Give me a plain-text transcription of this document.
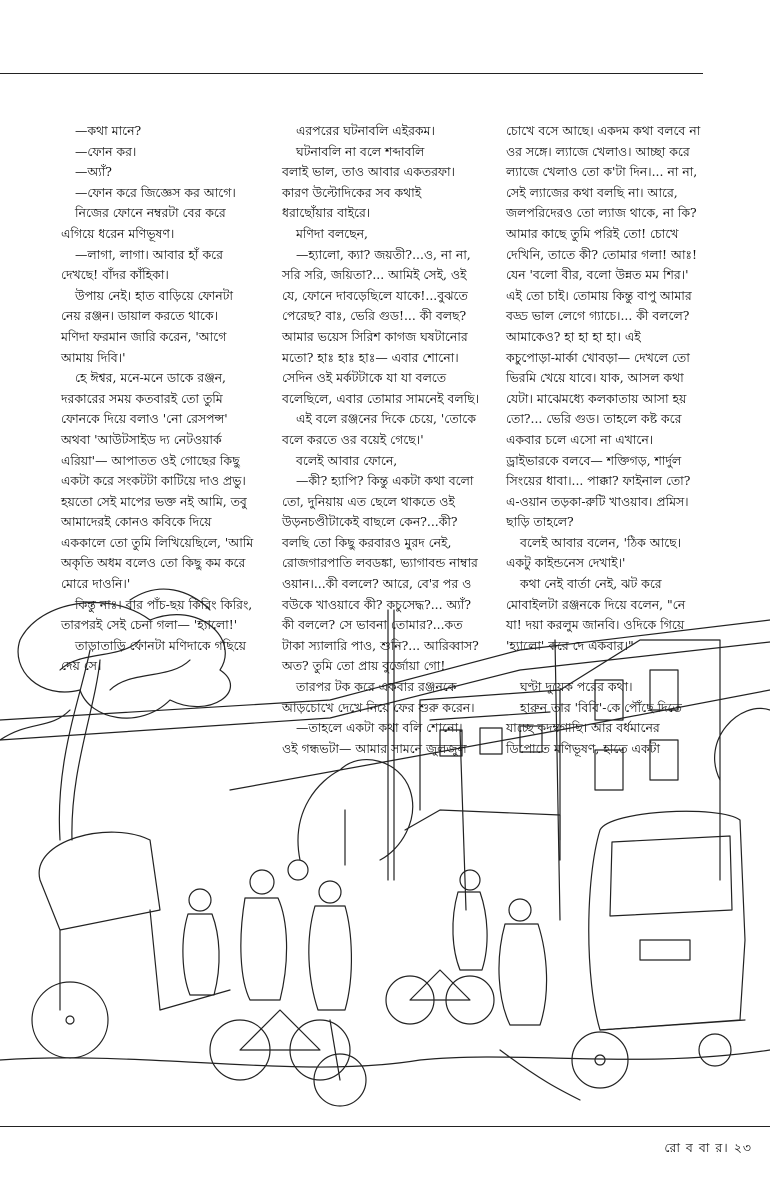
—কথা মানে?

—ফোন কর।

—অ্যাঁ?

—ফোন করে জিজ্ঞেস কর আগে।

নিজের ফোনে নম্বরটা বের করে

এগিয়ে ধরেন মণিভূষণ।

—লাগা, লাগা। আবার হাঁ করে

দেখছে! বাঁদর কাঁহিকা।

উপায় নেই। হাত বাড়িয়ে ফোনটা

নেয় রঞ্জন। ডায়াল করতে থাকে।

মণিদা ফরমান জারি করেন, 'আগে

আমায় দিবি।'

হে ঈশ্বর, মনে-মনে ডাকে রঞ্জন,

দরকারের সময় কতবারই তো তুমি

ফোনকে দিয়ে বলাও 'নো রেসপন্স'

অথবা 'আউটসাইড দ্য নেটওয়ার্ক

এরিয়া'— আপাতত ওই গোছের কিছু

একটা করে সংকটটা কাটিয়ে দাও প্রভু।

হয়তো সেই মাপের ভক্ত নই আমি, তবু

আমাদেরই কোনও কবিকে দিয়ে

এককালে তো তুমি লিখিয়েছিলে, 'আমি

অকৃতি অধম বলেও তো কিছু কম করে

মোরে দাওনি।'

কিন্তু নাঃ। বার পাঁচ-ছয় কিরিং কিরিং,

তারপরই সেই চেনা গলা— 'হ্যালো!'

তাড়াতাড়ি ফোনটা মণিদাকে গছিয়ে

দেয় সে।

এরপরের ঘটনাবলি এইরকম।

ঘটনাবলি না বলে শব্দাবলি

বলাই ভাল, তাও আবার একতরফা।

কারণ উল্টোদিকের সব কথাই

ধরাছোঁয়ার বাইরে।

মণিদা বলছেন,

—হ্যালো, ক্যা? জয়তী?...ও, না না,

সরি সরি, জয়িতা?... আমিই সেই, ওই

যে, ফোনে দাবড়েছিলে যাকে!...বুঝতে

পেরেছ? বাঃ, ভেরি গুড!... কী বলছ?

আমার ভয়েস সিরিশ কাগজ ঘষটানোর

মতো? হাঃ হাঃ হাঃ— এবার শোনো।

সেদিন ওই মর্কটটাকে যা যা বলতে

বলেছিলে, এবার তোমার সামনেই বলছি।

এই বলে রঞ্জনের দিকে চেয়ে, 'তোকে

বলে করতে ওর বয়েই গেছে।'

বলেই আবার ফোনে,

—কী? হ্যাপি? কিন্তু একটা কথা বলো

তো, দুনিয়ায় এত ছেলে থাকতে ওই

উড়নচণ্ডীটাকেই বাছলে কেন?...কী?

বলছি তো কিছু করবারও মুরদ নেই,

রোজগারপাতি লবডঙ্কা, ভ্যাগাবন্ড নাম্বার

ওয়ান।...কী বললে? আরে, বে'র পর ও

বউকে খাওয়াবে কী? কচুসেদ্ধ?... অ্যাঁ?

কী বললে? সে ভাবনা তোমার?...কত

টাকা স্যালারি পাও, শুনি?... আরিব্বাস?

অত? তুমি তো প্রায় বুর্জোয়া গো!

তারপর টক করে একবার রঞ্জনকে

আড়চোখে দেখে নিয়ে ফের শুরু করেন।

—তাহলে একটা কথা বলি শোনো।

ওই গন্ধভটা— আমার সামনে জুলজুল

চোখে বসে আছে। একদম কথা বলবে না

ওর সঙ্গে। ল্যাজে খেলাও। আচ্ছা করে

ল্যাজে খেলাও তো ক'টা দিন।... না না,

সেই ল্যাজের কথা বলছি না। আরে,

জলপরিদেরও তো ল্যাজ থাকে, না কি?

আমার কাছে তুমি পরিই তো! চোখে

দেখিনি, তাতে কী? তোমার গলা! আঃ!

যেন 'বলো বীর, বলো উন্নত মম শির।'

এই তো চাই। তোমায় কিন্তু বাপু আমার

বড্ড ভাল লেগে গ্যাচে।... কী বললে?

আমাকেও? হা হা হা হা। এই

কচুপোড়া-মার্কা খোবড়া— দেখলে তো

ভিরমি খেয়ে যাবে। যাক, আসল কথা

যেটা। মাঝেমধ্যে কলকাতায় আসা হয়

তো?... ভেরি গুড। তাহলে কষ্ট করে

একবার চলে এসো না এখানে।

ড্রাইভারকে বলবে— শক্তিগড়, শার্দুল

সিংয়ের ধাবা।... পাক্কা? ফাইনাল তো?

এ-ওয়ান তড়কা-রুটি খাওয়াব। প্রমিস।

ছাড়ি তাহলে?

বলেই আবার বলেন, 'ঠিক আছে।

একটু কাইন্ডনেস দেখাই।'

কথা নেই বার্তা নেই, ঝট করে

মোবাইলটা রঞ্জনকে দিয়ে বলেন, "নে

যা! দয়া করলুম জানবি। ওদিকে গিয়ে

'হ্যালো' করে দে একবার।"

ঘণ্টা দুয়েক পরের কথা।

হারুন তার 'বিবি'-কে পৌঁছে দিতে

যাচ্ছে কদম্বগাছি। আর বর্ধমানের

ডিপোতে মণিভূষণ, হাতে একটা

রো ব বা র। ২৩
